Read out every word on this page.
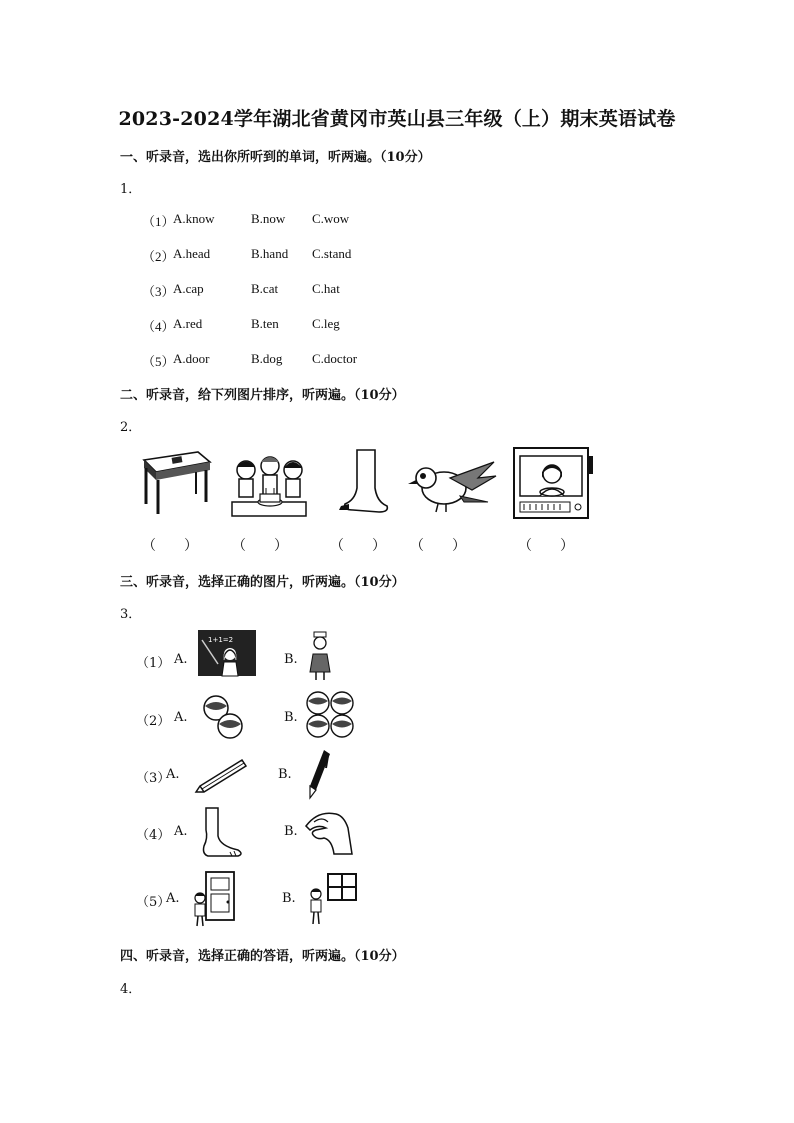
2023-2024学年湖北省黄冈市英山县三年级（上）期末英语试卷
一、听录音，选出你所听到的单词，听两遍。（10分）
1．
（1）
A.know	B.now C.wow
（2）
A.head	B.hand C.stand
（3）
A.cap	B.cat	C.hat
（4）
A.red	B.ten	C.leg
（5）
A.door	B.dog C.doctor
二、听录音，给下列图片排序，听两遍。（10分）
2．
（　　） （　　）	（　　） （　　）	（　　）
三、听录音，选择正确的图片，听两遍。（10分）
3．
（1） A.
1+1=2
B.
（2） A.	B.
（3）
A.	B.
（4） A.	B.
（5）
A.	B.
四、听录音，选择正确的答语，听两遍。（10分）
4．
